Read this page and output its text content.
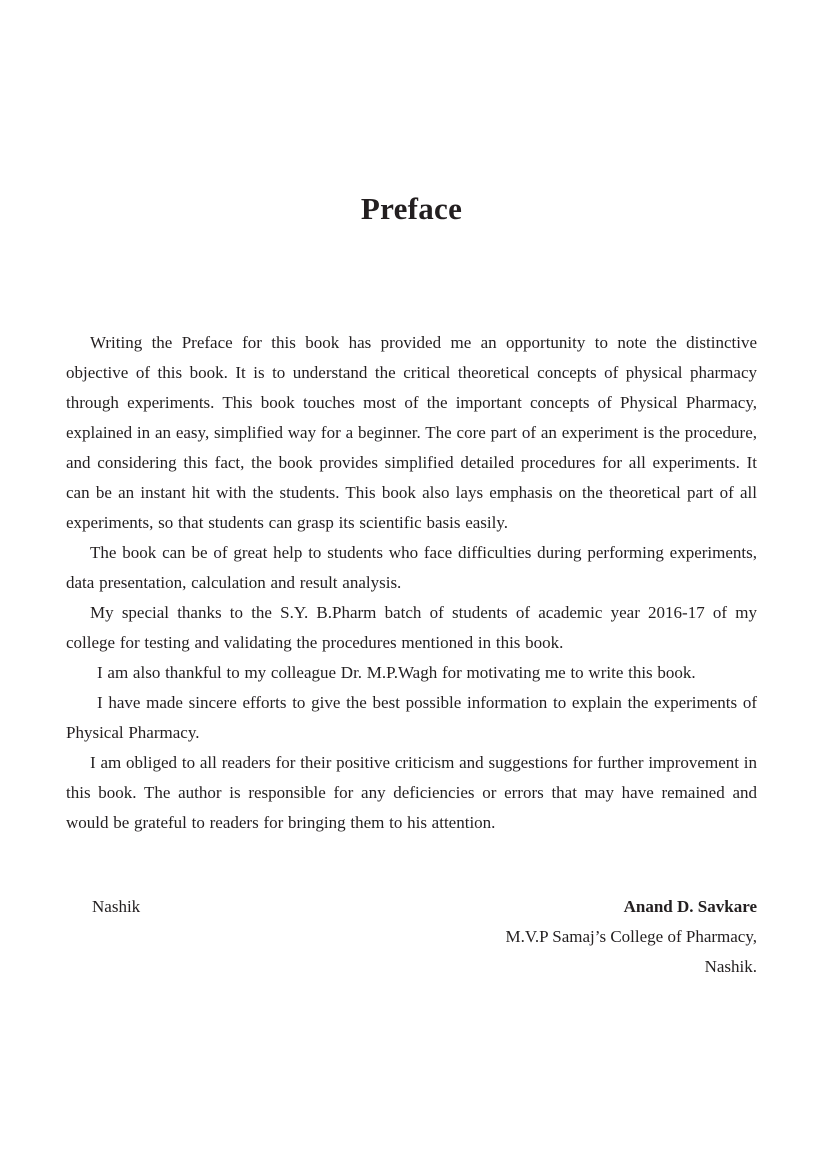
Preface

Writing the Preface for this book has provided me an opportunity to note the distinctive objective of this book. It is to understand the critical theoretical concepts of physical pharmacy through experiments. This book touches most of the important concepts of Physical Pharmacy, explained in an easy, simplified way for a beginner. The core part of an experiment is the procedure, and considering this fact, the book provides simplified detailed procedures for all experiments. It can be an instant hit with the students. This book also lays emphasis on the theoretical part of all experiments, so that students can grasp its scientific basis easily.

The book can be of great help to students who face difficulties during performing experiments, data presentation, calculation and result analysis.

My special thanks to the S.Y. B.Pharm batch of students of academic year 2016-17 of my college for testing and validating the procedures mentioned in this book.

I am also thankful to my colleague Dr. M.P.Wagh for motivating me to write this book.

I have made sincere efforts to give the best possible information to explain the experiments of Physical Pharmacy.

I am obliged to all readers for their positive criticism and suggestions for further improvement in this book. The author is responsible for any deficiencies or errors that may have remained and would be grateful to readers for bringing them to his attention.

Nashik	Anand D. Savkare
M.V.P Samaj’s College of Pharmacy,
Nashik.
